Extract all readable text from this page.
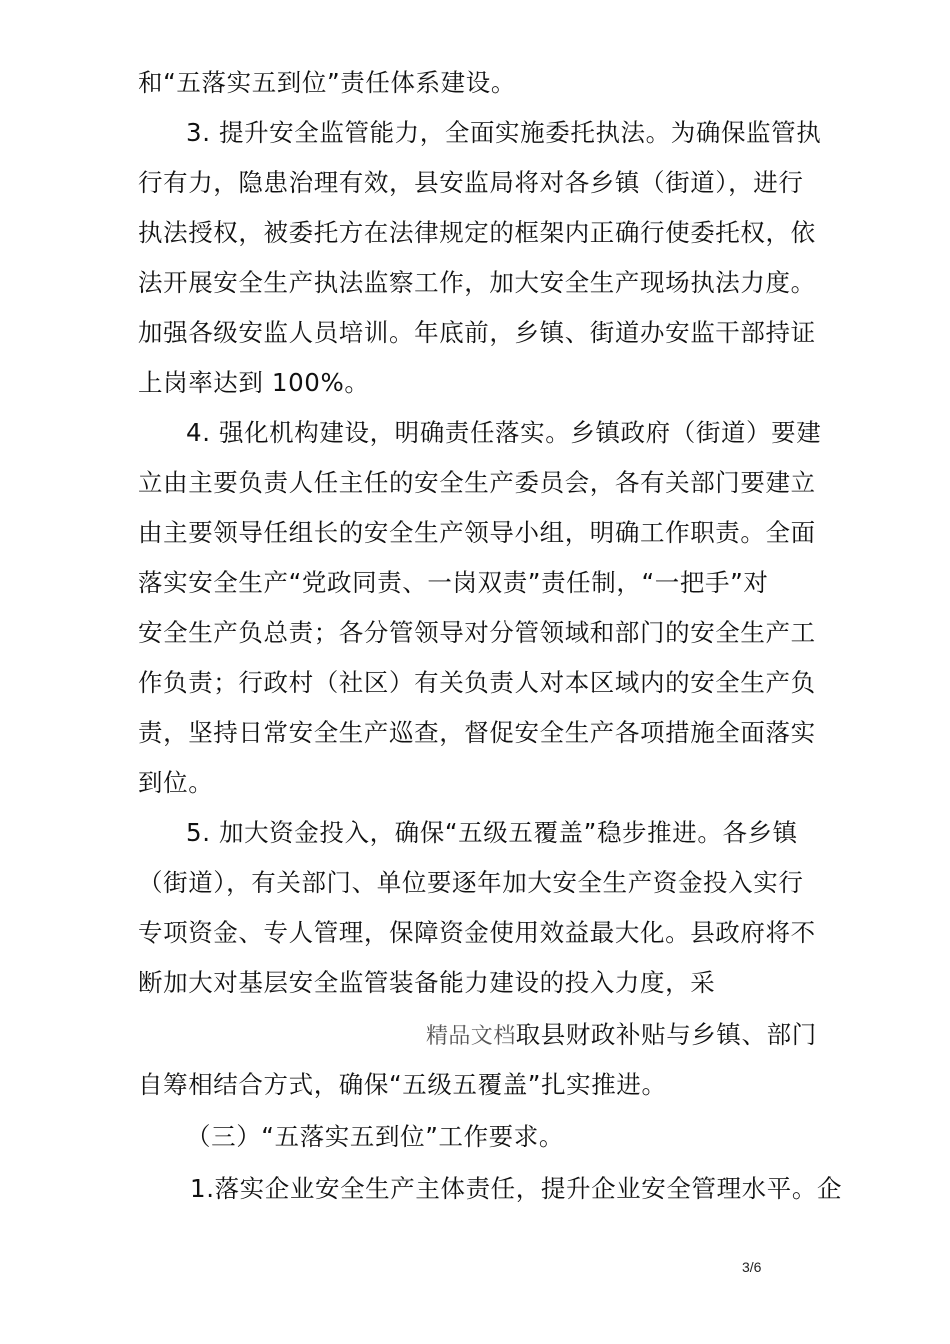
和“五落实五到位”责任体系建设。
3. 提升安全监管能力，全面实施委托执法。为确保监管执
行有力，隐患治理有效，县安监局将对各乡镇（街道），进行
执法授权，被委托方在法律规定的框架内正确行使委托权，依
法开展安全生产执法监察工作，加大安全生产现场执法力度。
加强各级安监人员培训。年底前，乡镇、街道办安监干部持证
上岗率达到 100%。
4. 强化机构建设，明确责任落实。乡镇政府（街道）要建
立由主要负责人任主任的安全生产委员会，各有关部门要建立
由主要领导任组长的安全生产领导小组，明确工作职责。全面
落实安全生产“党政同责、一岗双责”责任制，“一把手”对
安全生产负总责；各分管领导对分管领域和部门的安全生产工
作负责；行政村（社区）有关负责人对本区域内的安全生产负
责，坚持日常安全生产巡查，督促安全生产各项措施全面落实
到位。
5. 加大资金投入，确保“五级五覆盖”稳步推进。各乡镇
（街道），有关部门、单位要逐年加大安全生产资金投入实行
专项资金、专人管理，保障资金使用效益最大化。县政府将不
断加大对基层安全监管装备能力建设的投入力度，采
精品文档取县财政补贴与乡镇、部门
自筹相结合方式，确保“五级五覆盖”扎实推进。
（三）“五落实五到位”工作要求。
1.落实企业安全生产主体责任，提升企业安全管理水平。企
3/6
